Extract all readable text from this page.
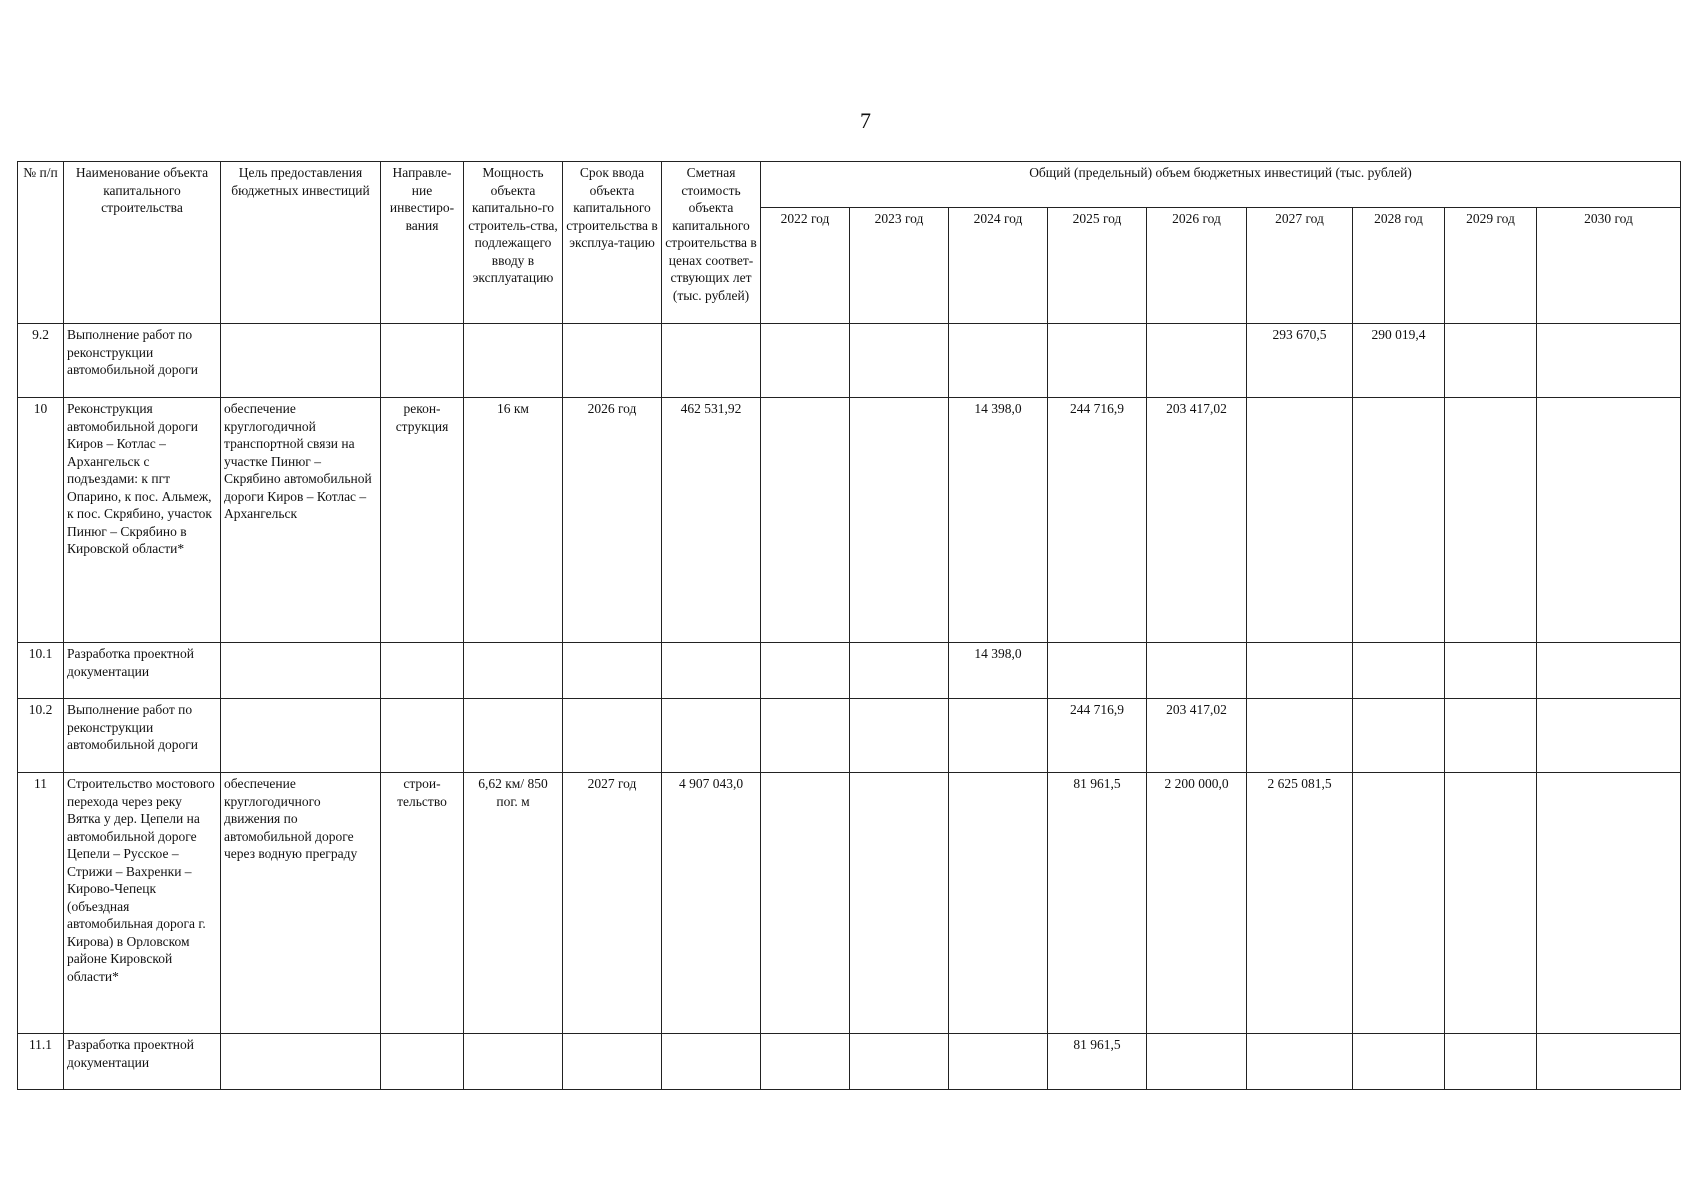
7
№ п/п	Наименование объекта капитального строительства	Цель предоставления бюджетных инвестиций	Направле-ние инвестиро-вания	Мощность объекта капитально-го строитель-ства, подлежащего вводу в эксплуатацию	Срок ввода объекта капитального строительства в эксплуа-тацию	Сметная стоимость объекта капитального строительства в ценах соответ-ствующих лет (тыс. рублей)	Общий (предельный) объем бюджетных инвестиций (тыс. рублей)								
							2022 год	2023 год	2024 год	2025 год	2026 год	2027 год	2028 год	2029 год	2030 год
9.2	Выполнение работ по реконструкции автомобильной дороги											293 670,5	290 019,4		
10	Реконструкция автомобильной дороги Киров – Котлас – Архангельск с подъездами: к пгт Опарино, к пос. Альмеж, к пос. Скрябино, участок Пинюг – Скрябино в Кировской области*	обеспечение круглогодичной транспортной связи на участке Пинюг – Скрябино автомобильной дороги Киров – Котлас – Архангельск	рекон-струкция	16 км	2026 год	462 531,92			14 398,0	244 716,9	203 417,02				
10.1	Разработка проектной документации								14 398,0						
10.2	Выполнение работ по реконструкции автомобильной дороги									244 716,9	203 417,02				
11	Строительство мостового перехода через реку Вятка у дер. Цепели на автомобильной дороге Цепели – Русское – Стрижи – Вахренки – Кирово-Чепецк (объездная автомобильная дорога г. Кирова) в Орловском районе Кировской области*	обеспечение круглогодичного движения по автомобильной дороге через водную преграду	строи-тельство	6,62 км/ 850 пог. м	2027 год	4 907 043,0				81 961,5	2 200 000,0	2 625 081,5			
11.1	Разработка проектной документации									81 961,5					
